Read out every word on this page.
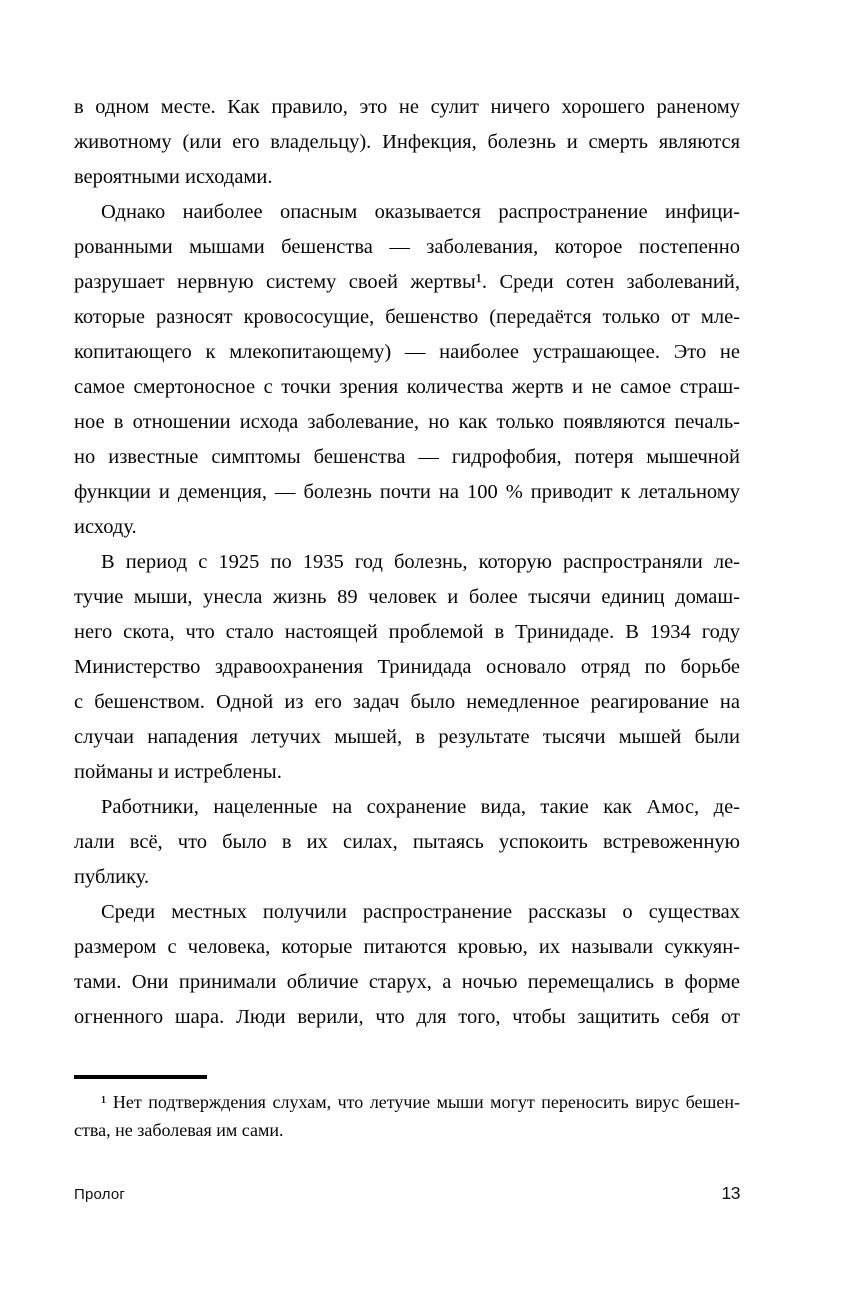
в одном месте. Как правило, это не сулит ничего хорошего раненому
животному (или его владельцу). Инфекция, болезнь и смерть являются
вероятными исходами.
Однако наиболее опасным оказывается распространение инфици-
рованными мышами бешенства — заболевания, которое постепенно
разрушает нервную систему своей жертвы¹. Среди сотен заболеваний,
которые разносят кровососущие, бешенство (передаётся только от мле-
копитающего к млекопитающему) — наиболее устрашающее. Это не
самое смертоносное с точки зрения количества жертв и не самое страш-
ное в отношении исхода заболевание, но как только появляются печаль-
но известные симптомы бешенства — гидрофобия, потеря мышечной
функции и деменция, — болезнь почти на 100 % приводит к летальному
исходу.
В период с 1925 по 1935 год болезнь, которую распространяли ле-
тучие мыши, унесла жизнь 89 человек и более тысячи единиц домаш-
него скота, что стало настоящей проблемой в Тринидаде. В 1934 году
Министерство здравоохранения Тринидада основало отряд по борьбе
с бешенством. Одной из его задач было немедленное реагирование на
случаи нападения летучих мышей, в результате тысячи мышей были
пойманы и истреблены.
Работники, нацеленные на сохранение вида, такие как Амос, де-
лали всё, что было в их силах, пытаясь успокоить встревоженную
публику.
Среди местных получили распространение рассказы о существах
размером с человека, которые питаются кровью, их называли суккуян-
тами. Они принимали обличие старух, а ночью перемещались в форме
огненного шара. Люди верили, что для того, чтобы защитить себя от
¹ Нет подтверждения слухам, что летучие мыши могут переносить вирус бешен-
ства, не заболевая им сами.
Пролог	13
